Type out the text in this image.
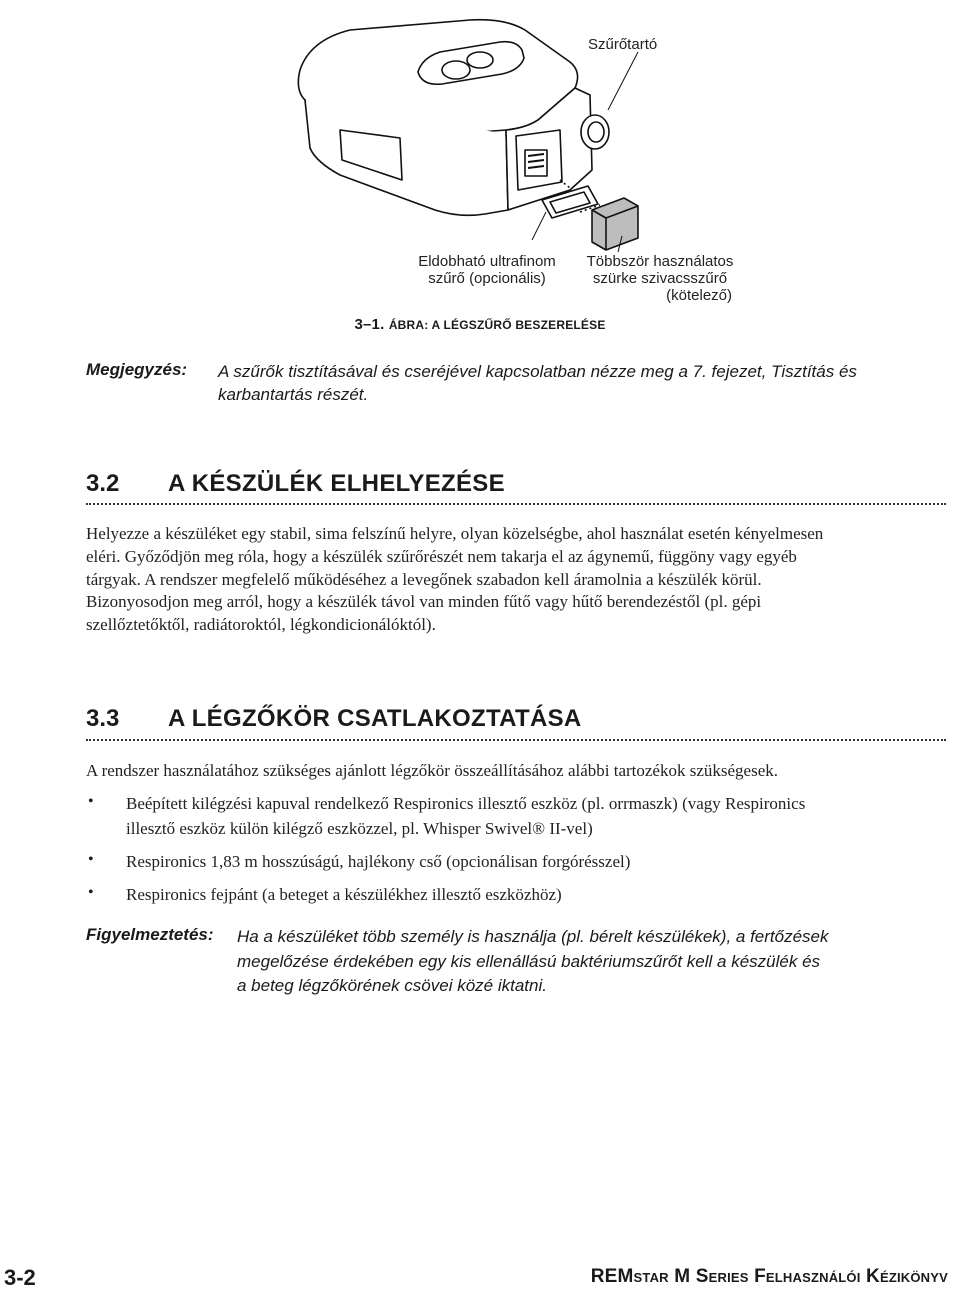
Szűrőtartó
Eldobható ultrafinom
szűrő (opcionális)
Többször használatos
szürke szivacsszűrő
(kötelező)
3–1. ÁBRA: A LÉGSZŰRŐ BESZERELÉSE
Megjegyzés: A szűrők tisztításával és cseréjével kapcsolatban nézze meg a 7. fejezet, Tisztítás és
karbantartás részét.
3.2 A KÉSZÜLÉK ELHELYEZÉSE
Helyezze a készüléket egy stabil, sima felszínű helyre, olyan közelségbe, ahol használat esetén kényelmesen
eléri. Győződjön meg róla, hogy a készülék szűrőrészét nem takarja el az ágynemű, függöny vagy egyéb
tárgyak. A rendszer megfelelő működéséhez a levegőnek szabadon kell áramolnia a készülék körül.
Bizonyosodjon meg arról, hogy a készülék távol van minden fűtő vagy hűtő berendezéstől (pl. gépi
szellőztetőktől, radiátoroktól, légkondicionálóktól).
3.3 A LÉGZŐKÖR CSATLAKOZTATÁSA
A rendszer használatához szükséges ajánlott légzőkör összeállításához alábbi tartozékok szükségesek.
• Beépített kilégzési kapuval rendelkező Respironics illesztő eszköz (pl. orrmaszk) (vagy Respironics
illesztő eszköz külön kilégző eszközzel, pl. Whisper Swivel® II-vel)
• Respironics 1,83 m hosszúságú, hajlékony cső (opcionálisan forgórésszel)
• Respironics fejpánt (a beteget a készülékhez illesztő eszközhöz)
Figyelmeztetés: Ha a készüléket több személy is használja (pl. bérelt készülékek), a fertőzések
megelőzése érdekében egy kis ellenállású baktériumszűrőt kell a készülék és
a beteg légzőkörének csövei közé iktatni.
3-2	REMstar M Series Felhasználói Kézikönyv
